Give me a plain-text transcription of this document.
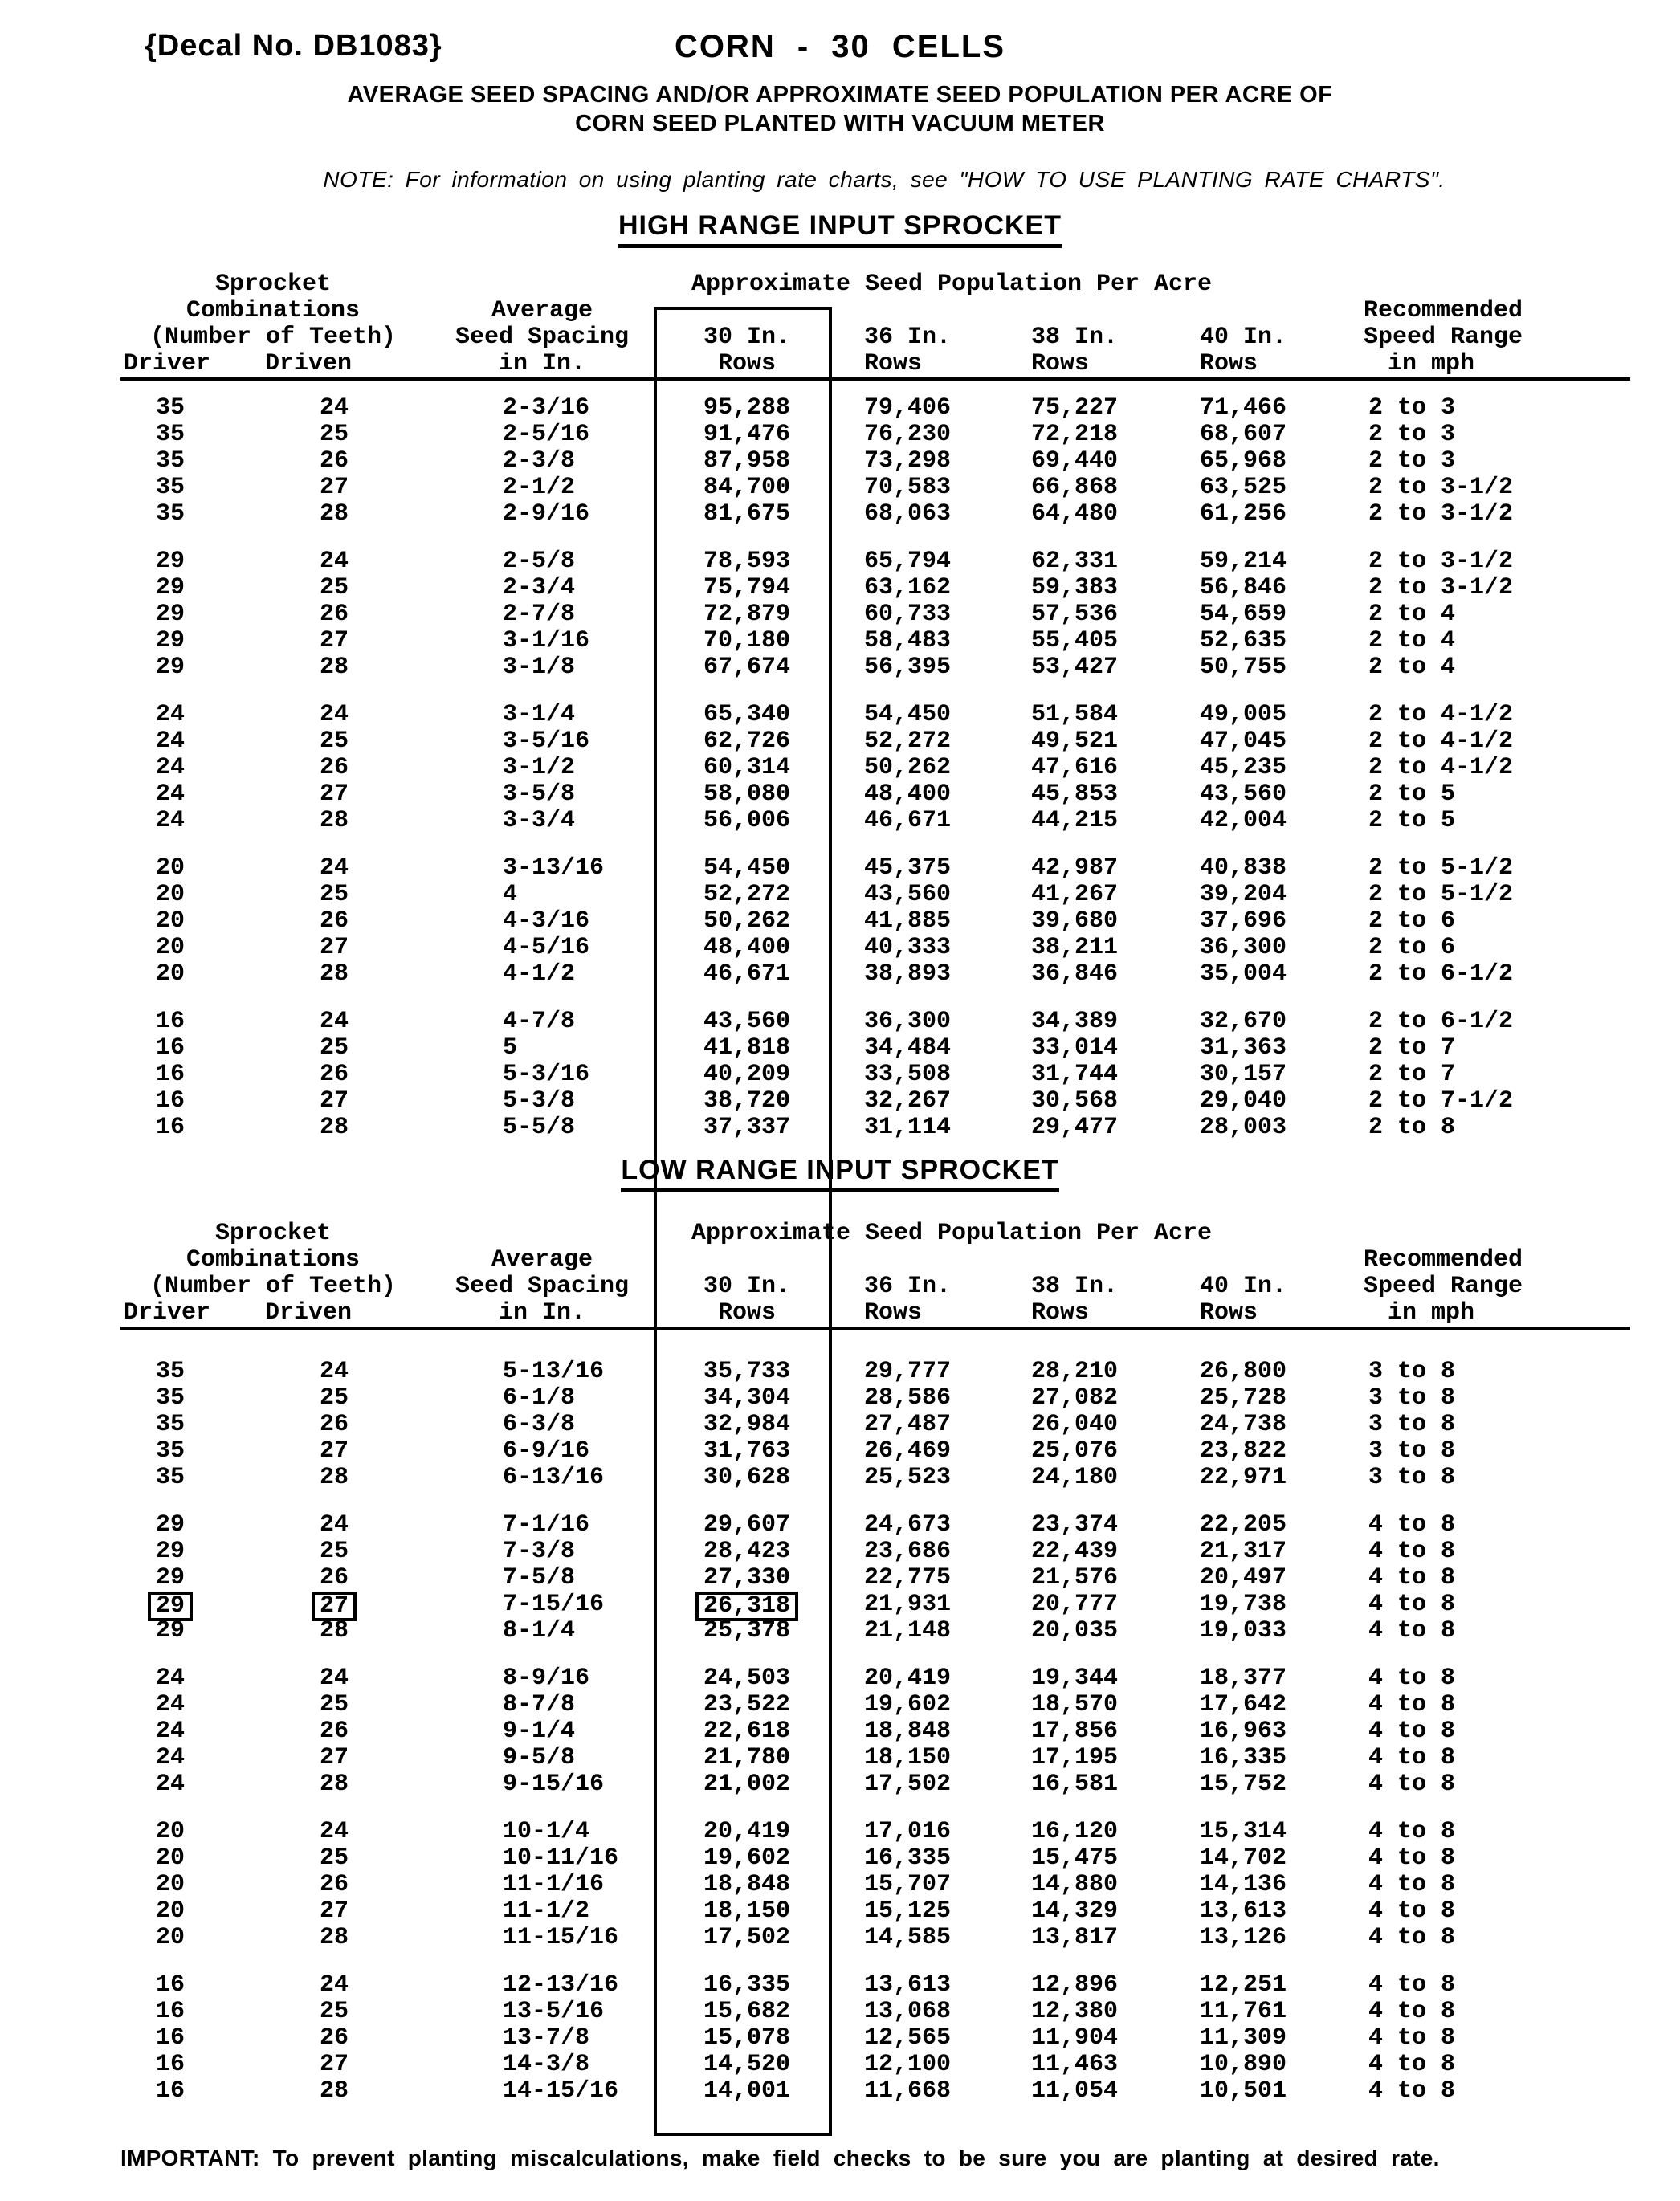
{Decal No. DB1083}	CORN - 30 CELLS
AVERAGE SEED SPACING AND/OR APPROXIMATE SEED POPULATION PER ACRE OF
CORN SEED PLANTED WITH VACUUM METER
NOTE: For information on using planting rate charts, see "HOW TO USE PLANTING RATE CHARTS".
HIGH RANGE INPUT SPROCKET
Sprocket
Combinations
(Number of Teeth)
Driver	Driven
Average
Seed Spacing
in In.
Approximate Seed Population Per Acre
30 In.
Rows
36 In.
Rows
38 In.
Rows
40 In.
Rows
Recommended
Speed Range
in mph
35	24	2-3/16	95,288	79,406	75,227	71,466	2 to 3
35	25	2-5/16	91,476	76,230	72,218	68,607	2 to 3
35	26	2-3/8	87,958	73,298	69,440	65,968	2 to 3
35	27	2-1/2	84,700	70,583	66,868	63,525	2 to 3-1/2
35	28	2-9/16	81,675	68,063	64,480	61,256	2 to 3-1/2
29	24	2-5/8	78,593	65,794	62,331	59,214	2 to 3-1/2
29	25	2-3/4	75,794	63,162	59,383	56,846	2 to 3-1/2
29	26	2-7/8	72,879	60,733	57,536	54,659	2 to 4
29	27	3-1/16	70,180	58,483	55,405	52,635	2 to 4
29	28	3-1/8	67,674	56,395	53,427	50,755	2 to 4
24	24	3-1/4	65,340	54,450	51,584	49,005	2 to 4-1/2
24	25	3-5/16	62,726	52,272	49,521	47,045	2 to 4-1/2
24	26	3-1/2	60,314	50,262	47,616	45,235	2 to 4-1/2
24	27	3-5/8	58,080	48,400	45,853	43,560	2 to 5
24	28	3-3/4	56,006	46,671	44,215	42,004	2 to 5
20	24	3-13/16	54,450	45,375	42,987	40,838	2 to 5-1/2
20	25	4	52,272	43,560	41,267	39,204	2 to 5-1/2
20	26	4-3/16	50,262	41,885	39,680	37,696	2 to 6
20	27	4-5/16	48,400	40,333	38,211	36,300	2 to 6
20	28	4-1/2	46,671	38,893	36,846	35,004	2 to 6-1/2
16	24	4-7/8	43,560	36,300	34,389	32,670	2 to 6-1/2
16	25	5	41,818	34,484	33,014	31,363	2 to 7
16	26	5-3/16	40,209	33,508	31,744	30,157	2 to 7
16	27	5-3/8	38,720	32,267	30,568	29,040	2 to 7-1/2
16	28	5-5/8	37,337	31,114	29,477	28,003	2 to 8
LOW RANGE INPUT SPROCKET
Sprocket
Combinations
(Number of Teeth)
Driver	Driven
Average
Seed Spacing
in In.
Approximate Seed Population Per Acre
30 In.
Rows
36 In.
Rows
38 In.
Rows
40 In.
Rows
Recommended
Speed Range
in mph
35	24	5-13/16	35,733	29,777	28,210	26,800	3 to 8
35	25	6-1/8	34,304	28,586	27,082	25,728	3 to 8
35	26	6-3/8	32,984	27,487	26,040	24,738	3 to 8
35	27	6-9/16	31,763	26,469	25,076	23,822	3 to 8
35	28	6-13/16	30,628	25,523	24,180	22,971	3 to 8
29	24	7-1/16	29,607	24,673	23,374	22,205	4 to 8
29	25	7-3/8	28,423	23,686	22,439	21,317	4 to 8
29	26	7-5/8	27,330	22,775	21,576	20,497	4 to 8
29	27	7-15/16	26,318	21,931	20,777	19,738	4 to 8
29	28	8-1/4	25,378	21,148	20,035	19,033	4 to 8
24	24	8-9/16	24,503	20,419	19,344	18,377	4 to 8
24	25	8-7/8	23,522	19,602	18,570	17,642	4 to 8
24	26	9-1/4	22,618	18,848	17,856	16,963	4 to 8
24	27	9-5/8	21,780	18,150	17,195	16,335	4 to 8
24	28	9-15/16	21,002	17,502	16,581	15,752	4 to 8
20	24	10-1/4	20,419	17,016	16,120	15,314	4 to 8
20	25	10-11/16	19,602	16,335	15,475	14,702	4 to 8
20	26	11-1/16	18,848	15,707	14,880	14,136	4 to 8
20	27	11-1/2	18,150	15,125	14,329	13,613	4 to 8
20	28	11-15/16	17,502	14,585	13,817	13,126	4 to 8
16	24	12-13/16	16,335	13,613	12,896	12,251	4 to 8
16	25	13-5/16	15,682	13,068	12,380	11,761	4 to 8
16	26	13-7/8	15,078	12,565	11,904	11,309	4 to 8
16	27	14-3/8	14,520	12,100	11,463	10,890	4 to 8
16	28	14-15/16	14,001	11,668	11,054	10,501	4 to 8
IMPORTANT: To prevent planting miscalculations, make field checks to be sure you are planting at desired rate.
